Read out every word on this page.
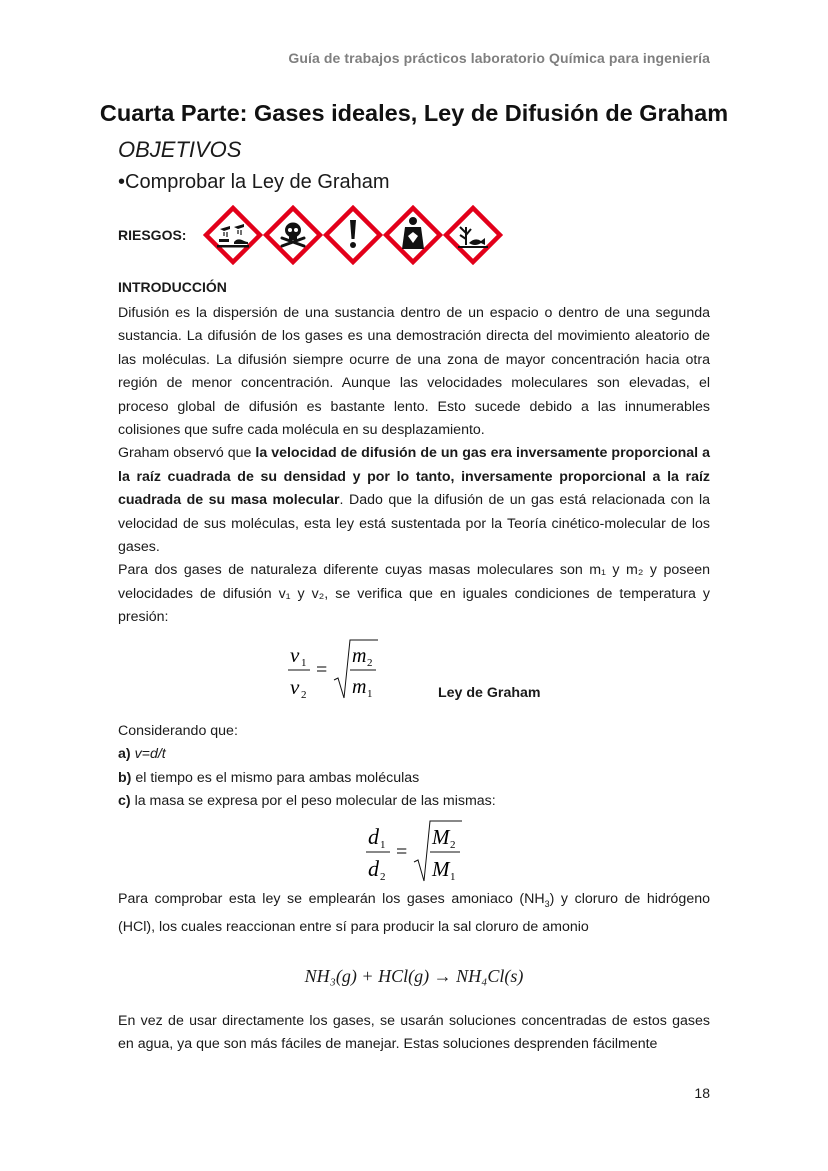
Guía de trabajos prácticos laboratorio Química para ingeniería
Cuarta Parte: Gases ideales, Ley de Difusión de Graham
OBJETIVOS
•Comprobar la Ley de Graham
RIESGOS:
INTRODUCCIÓN

Difusión es la dispersión de una sustancia dentro de un espacio o dentro de una segunda sustancia. La difusión de los gases es una demostración directa del movimiento aleatorio de las moléculas. La difusión siempre ocurre de una zona de mayor concentración hacia otra región de menor concentración. Aunque las velocidades moleculares son elevadas, el proceso global de difusión es bastante lento. Esto sucede debido a las innumerables colisiones que sufre cada molécula en su desplazamiento.

Graham observó que la velocidad de difusión de un gas era inversamente proporcional a la raíz cuadrada de su densidad y por lo tanto, inversamente proporcional a la raíz cuadrada de su masa molecular. Dado que la difusión de un gas está relacionada con la velocidad de sus moléculas, esta ley está sustentada por la Teoría cinético-molecular de los gases.

Para dos gases de naturaleza diferente cuyas masas moleculares son m₁ y m₂ y poseen velocidades de difusión v₁ y v₂, se verifica que en iguales condiciones de temperatura y presión:

v 1
v 2
=
m 2
m 1	Ley de Graham
Considerando que:
a) v=d/t
b) el tiempo es el mismo para ambas moléculas
c) la masa se expresa por el peso molecular de las mismas:
d 1
d 2
=
M 2
M 1
Para comprobar esta ley se emplearán los gases amoniaco $(NH_3)$ y cloruro de hidrógeno (HCl), los cuales reaccionan entre sí para producir la sal cloruro de amonio
NH₃(g) + HCl(g) → NH₄Cl(s)
En vez de usar directamente los gases, se usarán soluciones concentradas de estos gases en agua, ya que son más fáciles de manejar. Estas soluciones desprenden fácilmente
18
